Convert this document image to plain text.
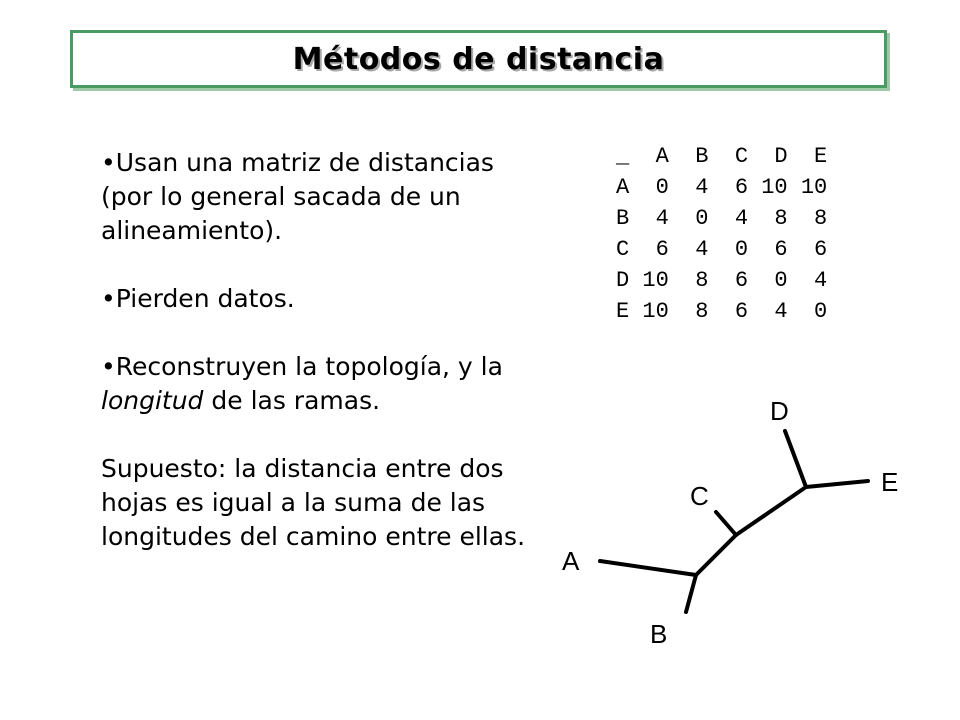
Métodos de distancia

•Usan una matriz de distancias (por lo general sacada de un alineamiento).

•Pierden datos.

•Reconstruyen la topología, y la longitud de las ramas.

Supuesto: la distancia entre dos hojas es igual a la suma de las longitudes del camino entre ellas.

_  A  B  C  D  E
A  0  4  6 10 10
B  4  0  4  8  8
C  6  4  0  6  6
D 10  8  6  0  4
E 10  8  6  4  0
D
E
C
A
B
